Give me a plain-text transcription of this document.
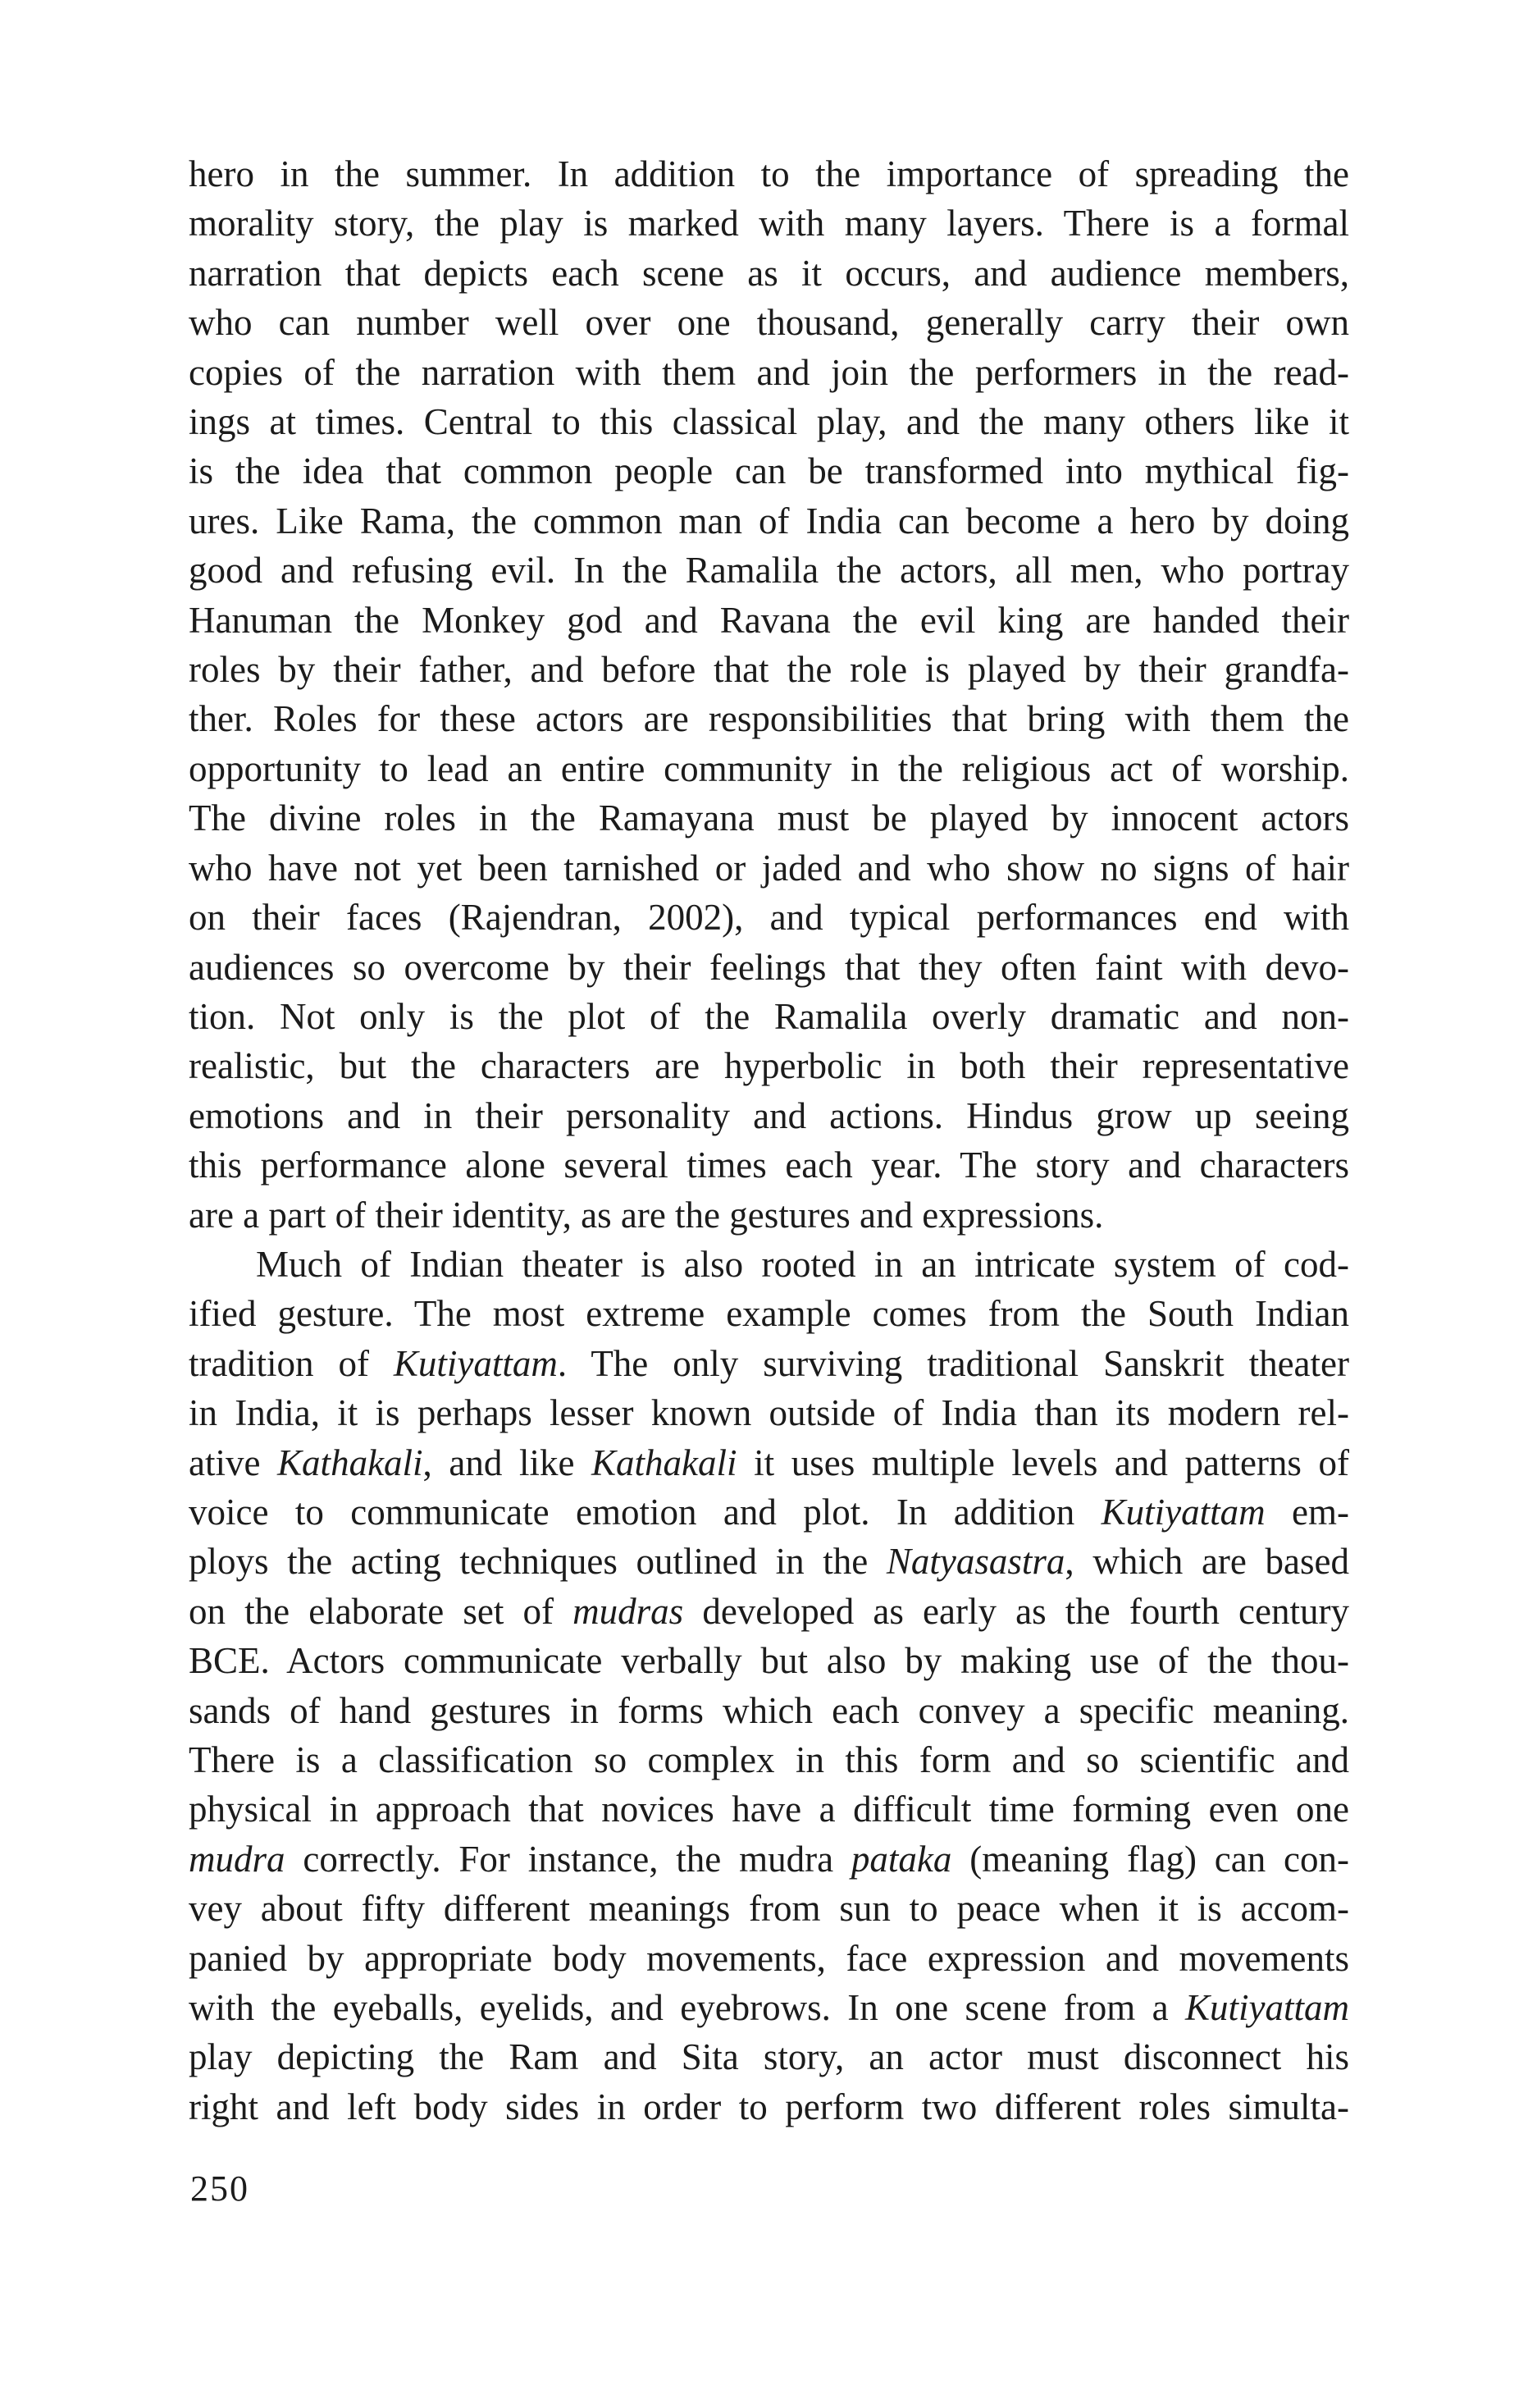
hero in the summer. In addition to the importance of spreading the
morality story, the play is marked with many layers. There is a formal
narration that depicts each scene as it occurs, and audience members,
who can number well over one thousand, generally carry their own
copies of the narration with them and join the performers in the read-
ings at times. Central to this classical play, and the many others like it
is the idea that common people can be transformed into mythical fig-
ures. Like Rama, the common man of India can become a hero by doing
good and refusing evil. In the Ramalila the actors, all men, who portray
Hanuman the Monkey god and Ravana the evil king are handed their
roles by their father, and before that the role is played by their grandfa-
ther. Roles for these actors are responsibilities that bring with them the
opportunity to lead an entire community in the religious act of worship.
The divine roles in the Ramayana must be played by innocent actors
who have not yet been tarnished or jaded and who show no signs of hair
on their faces (Rajendran, 2002), and typical performances end with
audiences so overcome by their feelings that they often faint with devo-
tion. Not only is the plot of the Ramalila overly dramatic and non-
realistic, but the characters are hyperbolic in both their representative
emotions and in their personality and actions. Hindus grow up seeing
this performance alone several times each year. The story and characters
are a part of their identity, as are the gestures and expressions.
Much of Indian theater is also rooted in an intricate system of cod-
ified gesture. The most extreme example comes from the South Indian
tradition of Kutiyattam. The only surviving traditional Sanskrit theater
in India, it is perhaps lesser known outside of India than its modern rel-
ative Kathakali, and like Kathakali it uses multiple levels and patterns of
voice to communicate emotion and plot. In addition Kutiyattam em-
ploys the acting techniques outlined in the Natyasastra, which are based
on the elaborate set of mudras developed as early as the fourth century
BCE. Actors communicate verbally but also by making use of the thou-
sands of hand gestures in forms which each convey a specific meaning.
There is a classification so complex in this form and so scientific and
physical in approach that novices have a difficult time forming even one
mudra correctly. For instance, the mudra pataka (meaning flag) can con-
vey about fifty different meanings from sun to peace when it is accom-
panied by appropriate body movements, face expression and movements
with the eyeballs, eyelids, and eyebrows. In one scene from a Kutiyattam
play depicting the Ram and Sita story, an actor must disconnect his
right and left body sides in order to perform two different roles simulta-
250
